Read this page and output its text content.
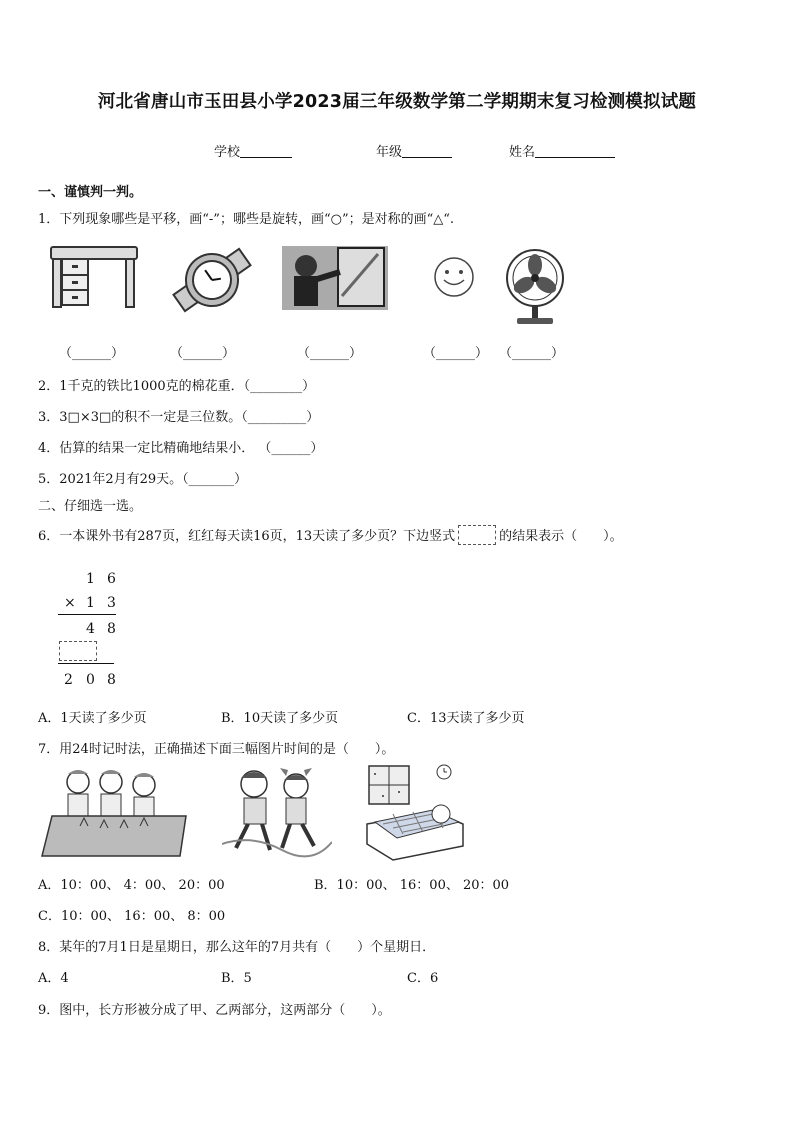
河北省唐山市玉田县小学2023届三年级数学第二学期期末复习检测模拟试题
学校	年级	姓名
一、谨慎判一判。
1．下列现象哪些是平移，画“-”；哪些是旋转，画“○”；是对称的画“△“.
（______）	（______）	（______）	（______） （______）
2．1千克的铁比1000克的棉花重．（________）
3．3□×3□的积不一定是三位数。（_________）
4．估算的结果一定比精确地结果小． （______）
5．2021年2月有29天。（_______）
二、仔细选一选。
6．一本课外书有287页，红红每天读16页，13天读了多少页？下边竖式	的结果表示（　　）。
1 6
× 1 3
4 8
2 0 8
A．1天读了多少页	B．10天读了多少页	C．13天读了多少页
7．用24时记时法，正确描述下面三幅图片时间的是（　　）。
A．10：00、 4：00、 20：00	B．10：00、 16：00、 20：00
C．10：00、 16：00、 8：00
8．某年的7月1日是星期日，那么这年的7月共有（　　）个星期日．
A．4	B．5	C．6
9．图中，长方形被分成了甲、乙两部分，这两部分（　　）。
